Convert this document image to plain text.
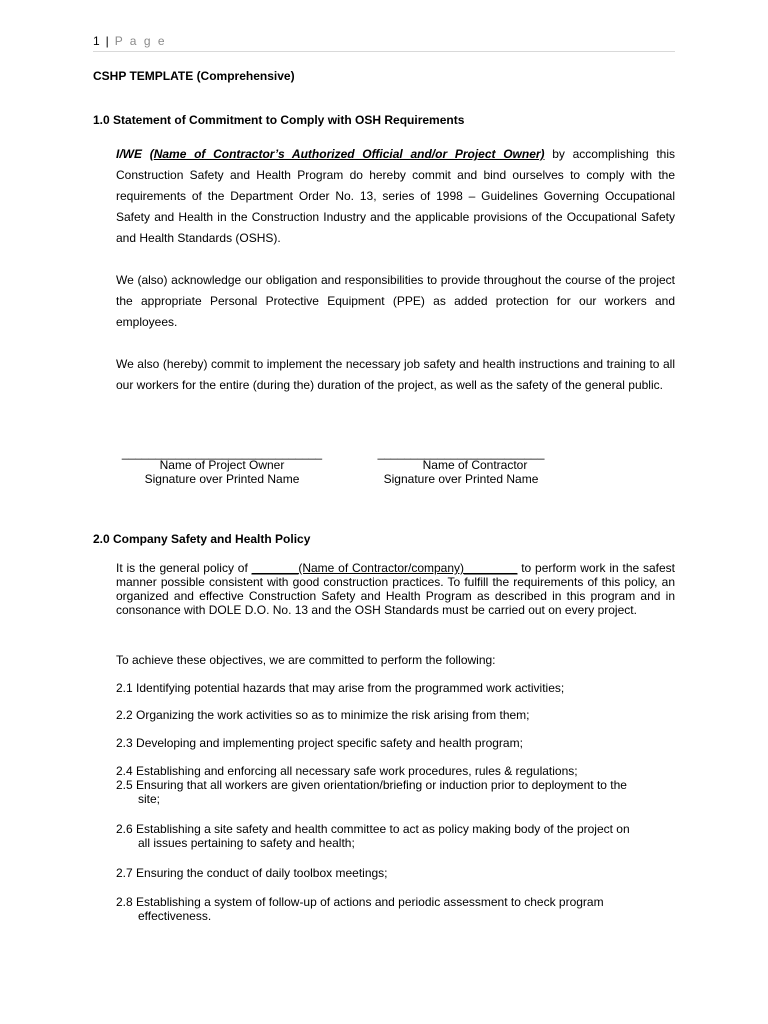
1 | P a g e
CSHP TEMPLATE (Comprehensive)
1.0 Statement of Commitment to Comply with OSH Requirements

I/WE (Name of Contractor’s Authorized Official and/or Project Owner) by accomplishing this Construction Safety and Health Program do hereby commit and bind ourselves to comply with the requirements of the Department Order No. 13, series of 1998 – Guidelines Governing Occupational Safety and Health in the Construction Industry and the applicable provisions of the Occupational Safety and Health Standards (OSHS).

We (also) acknowledge our obligation and responsibilities to provide throughout the course of the project the appropriate Personal Protective Equipment (PPE) as added protection for our workers and employees.

We also (hereby) commit to implement the necessary job safety and health instructions and training to all our workers for the entire (during the) duration of the project, as well as the safety of the general public.

______________________________
Name of Project Owner
Signature over Printed Name
_________________________
Name of Contractor
Signature over Printed Name
2.0 Company Safety and Health Policy

It is the general policy of _______(Name of Contractor/company)________ to perform work in the safest manner possible consistent with good construction practices. To fulfill the requirements of this policy, an organized and effective Construction Safety and Health Program as described in this program and in consonance with DOLE D.O. No. 13 and the OSH Standards must be carried out on every project.

To achieve these objectives, we are committed to perform the following:

2.1 Identifying potential hazards that may arise from the programmed work activities;

2.2 Organizing the work activities so as to minimize the risk arising from them;

2.3 Developing and implementing project specific safety and health program;

2.4 Establishing and enforcing all necessary safe work procedures, rules & regulations;

2.5 Ensuring that all workers are given orientation/briefing or induction prior to deployment to the
site;

2.6 Establishing a site safety and health committee to act as policy making body of the project on
all issues pertaining to safety and health;

2.7 Ensuring the conduct of daily toolbox meetings;

2.8 Establishing a system of follow-up of actions and periodic assessment to check program
effectiveness.
